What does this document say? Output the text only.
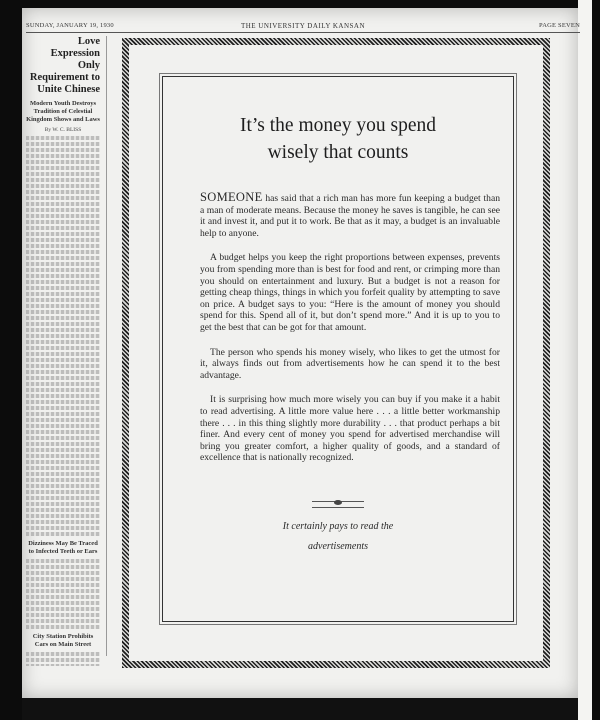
SUNDAY, JANUARY 19, 1930	THE UNIVERSITY DAILY KANSAN	PAGE SEVEN
Love Expression Only Requirement to Unite Chinese
Modern Youth Destroys Tradition of Celestial Kingdom Shows and Laws
By W. C. BLISS
Dizziness May Be Traced to Infected Teeth or Ears
City Station Prohibits Cars on Main Street
It’s the money you spend
wisely that counts

SOMEONE has said that a rich man has more fun keeping a budget than a man of moderate means. Because the money he saves is tangible, he can see it and invest it, and put it to work. Be that as it may, a budget is an invaluable help to anyone.

A budget helps you keep the right proportions between expenses, prevents you from spending more than is best for food and rent, or crimping more than you should on entertainment and luxury. But a budget is not a reason for getting cheap things, things in which you forfeit quality by attempting to save on price. A budget says to you: “Here is the amount of money you should spend for this. Spend all of it, but don’t spend more.” And it is up to you to get the best that can be got for that amount.

The person who spends his money wisely, who likes to get the utmost for it, always finds out from advertisements how he can spend it to the best advantage.

It is surprising how much more wisely you can buy if you make it a habit to read advertising. A little more value here . . . a little better workmanship there . . . in this thing slightly more durability . . . that product perhaps a bit finer. And every cent of money you spend for advertised merchandise will bring you greater comfort, a higher quality of goods, and a standard of excellence that is nationally recognized.

It certainly pays to read the
advertisements
